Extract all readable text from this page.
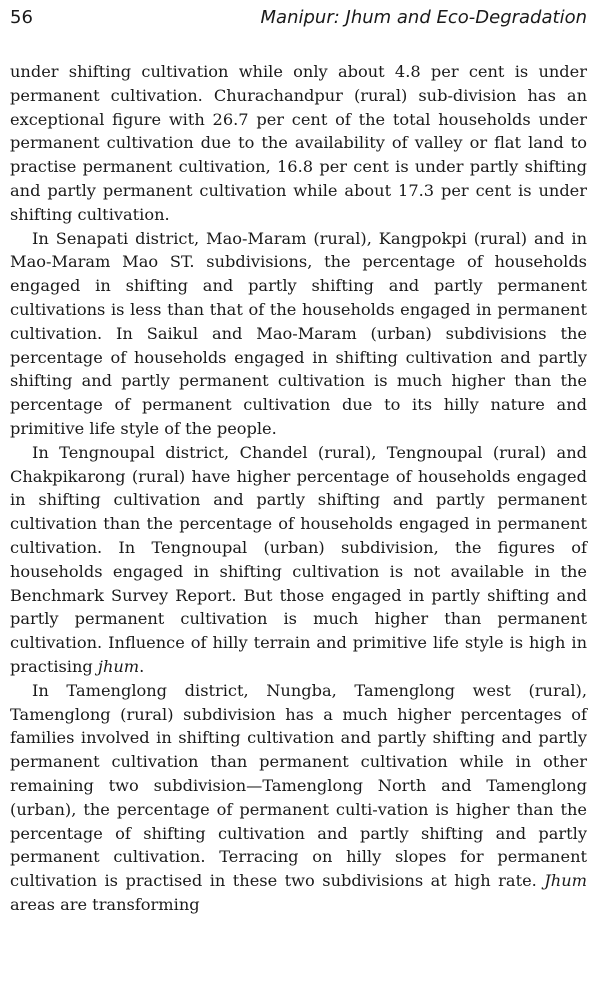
56	Manipur: Jhum and Eco-Degradation

under shifting cultivation while only about 4.8 per cent is under permanent cultivation. Churachandpur (rural) sub-division has an exceptional figure with 26.7 per cent of the total households under permanent cultivation due to the availability of valley or flat land to practise permanent cultivation, 16.8 per cent is under partly shifting and partly permanent cultivation while about 17.3 per cent is under shifting cultivation.

In Senapati district, Mao-Maram (rural), Kangpokpi (rural) and in Mao-Maram Mao ST. subdivisions, the percentage of households engaged in shifting and partly shifting and partly permanent cultivations is less than that of the households engaged in permanent cultivation. In Saikul and Mao-Maram (urban) subdivisions the percentage of households engaged in shifting cultivation and partly shifting and partly permanent cultivation is much higher than the percentage of permanent cultivation due to its hilly nature and primitive life style of the people.

In Tengnoupal district, Chandel (rural), Tengnoupal (rural) and Chakpikarong (rural) have higher percentage of households engaged in shifting cultivation and partly shifting and partly permanent cultivation than the percentage of households engaged in permanent cultivation. In Tengnoupal (urban) subdivision, the figures of households engaged in shifting cultivation is not available in the Benchmark Survey Report. But those engaged in partly shifting and partly permanent cultivation is much higher than permanent cultivation. Influence of hilly terrain and primitive life style is high in practising jhum.

In Tamenglong district, Nungba, Tamenglong west (rural), Tamenglong (rural) subdivision has a much higher percentages of families involved in shifting cultivation and partly shifting and partly permanent cultivation than permanent cultivation while in other remaining two subdivision—Tamenglong North and Tamenglong (urban), the percentage of permanent culti-vation is higher than the percentage of shifting cultivation and partly shifting and partly permanent cultivation. Terracing on hilly slopes for permanent cultivation is practised in these two subdivisions at high rate. Jhum areas are transforming
